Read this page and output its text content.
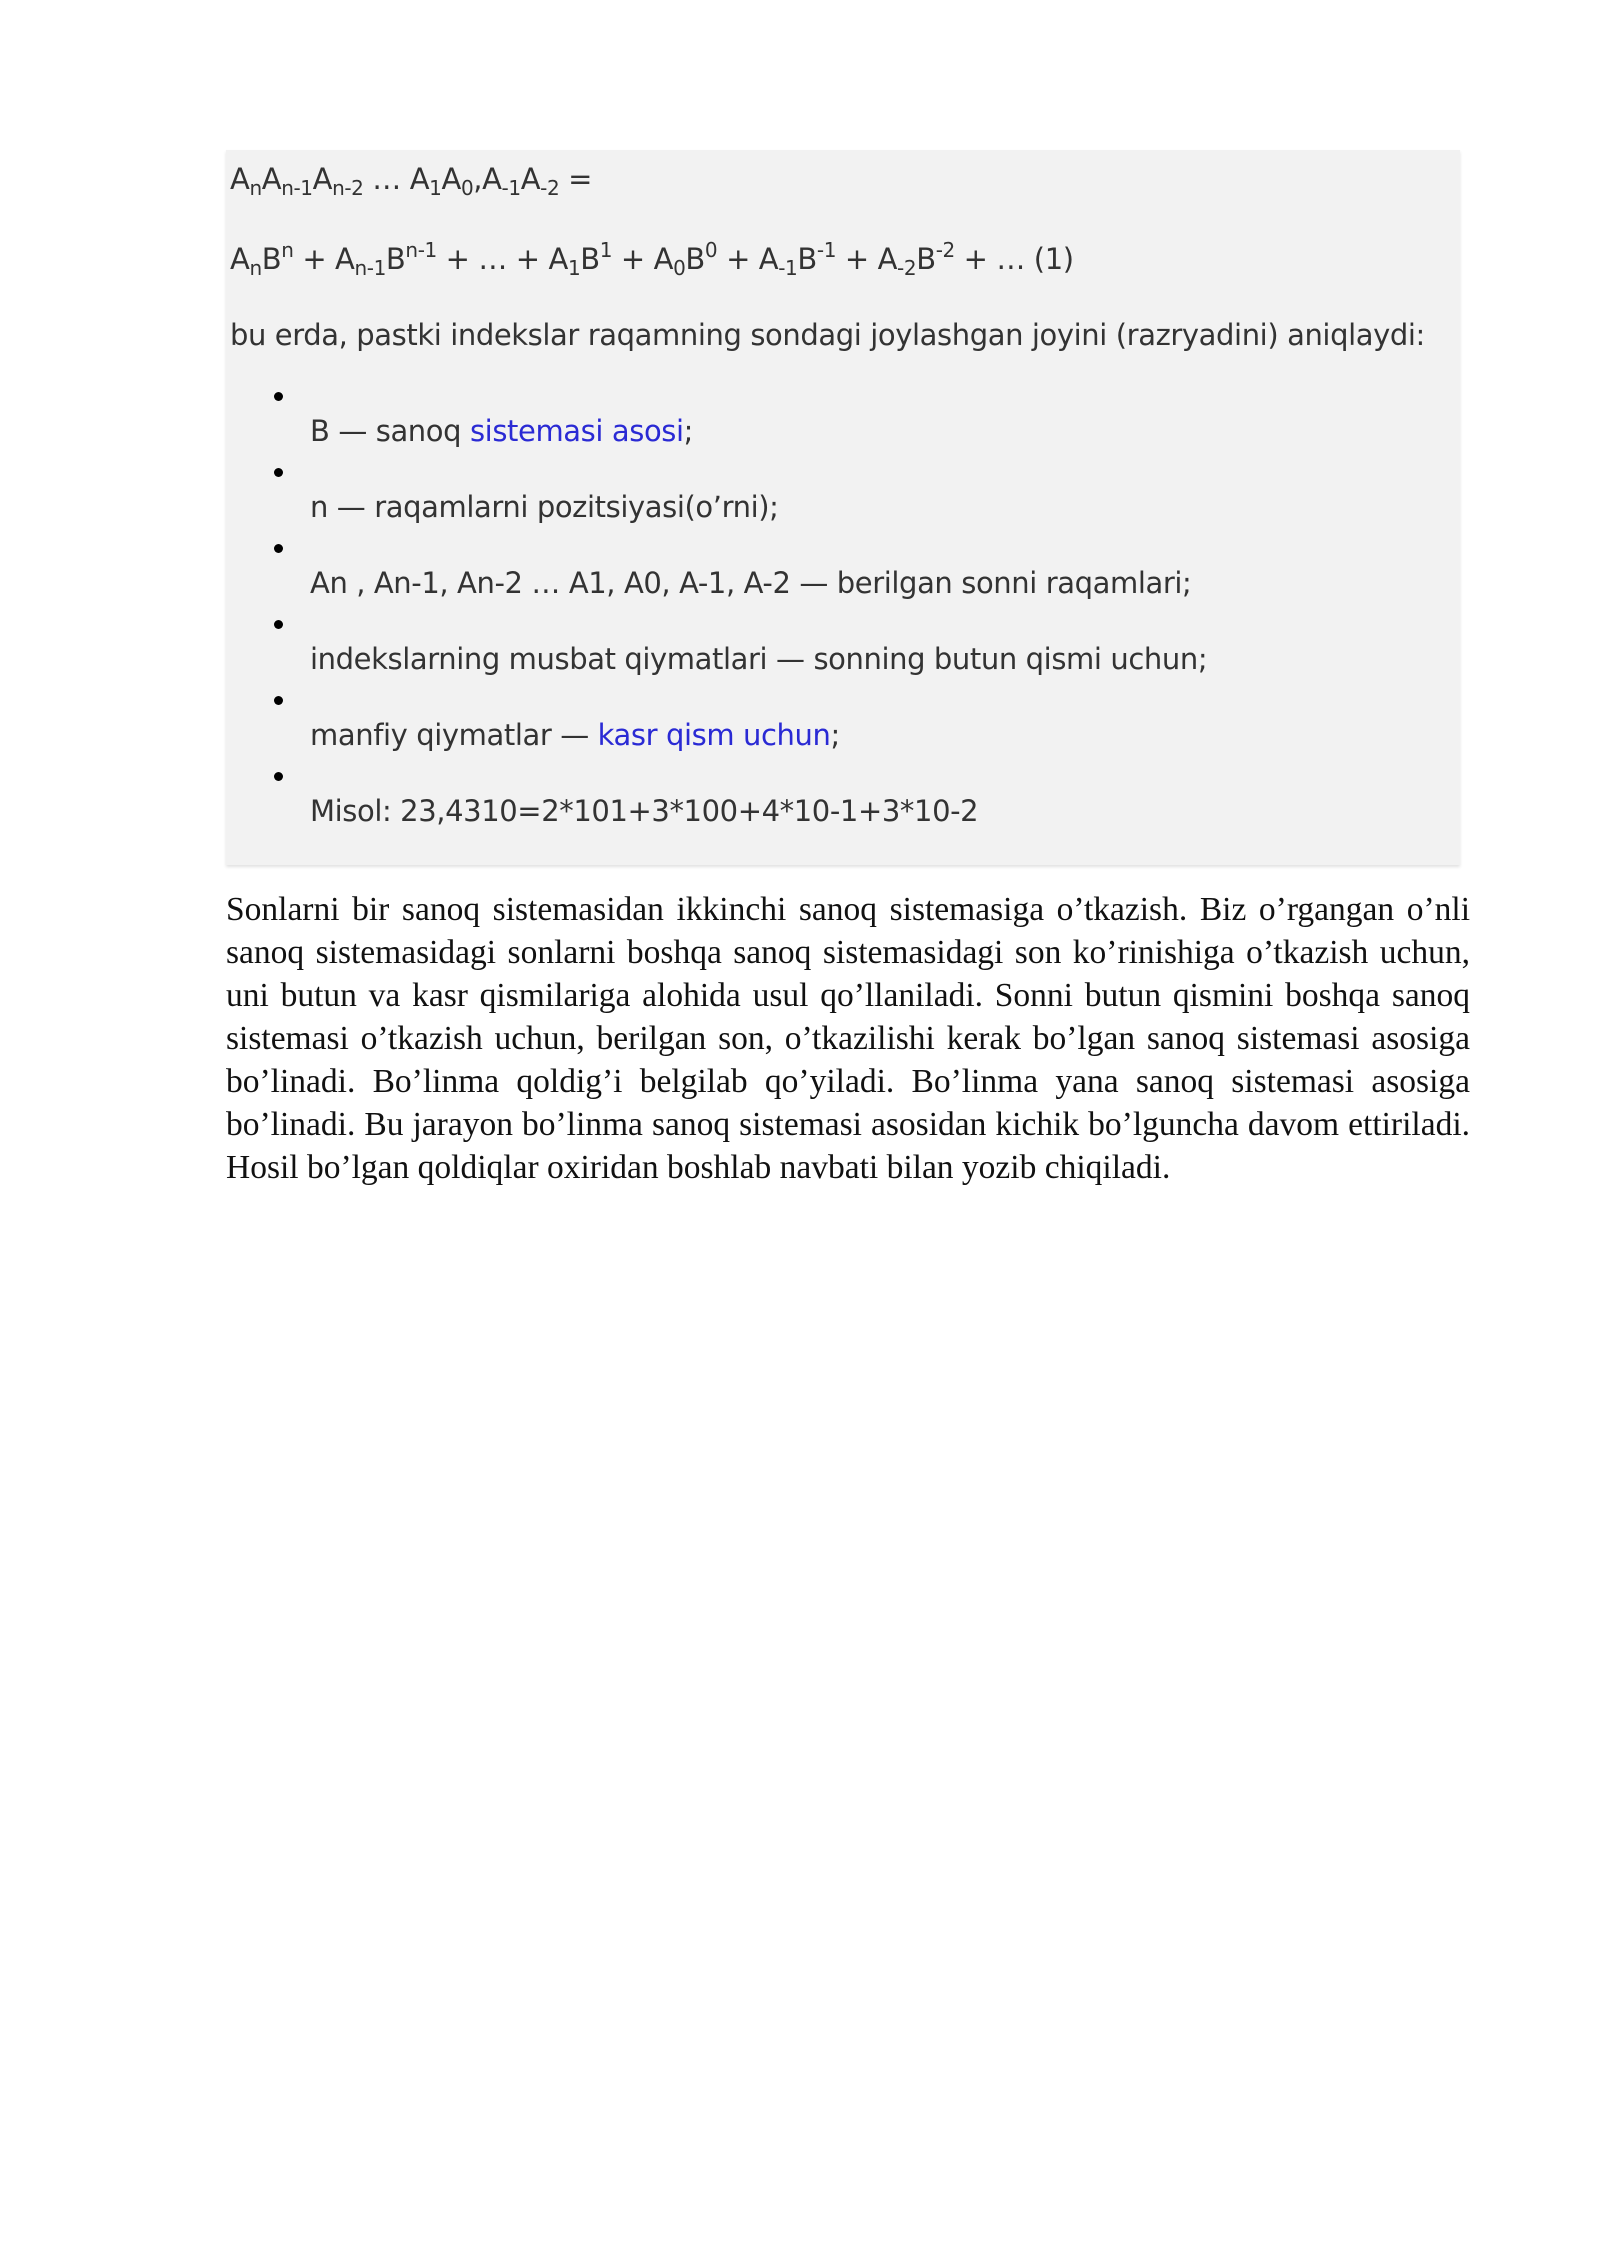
$A_nA_{n-1}A_{n-2}$ … $A_1A_0,A_{-1}A_{-2}$ =
$A_nB^n + A_{n-1}B^{n-1}$ + … + $A_1B^1 + A_0B^0 + A_{-1}B^{-1} + A_{-2}B^{-2}$ + … (1)
bu erda, pastki indekslar raqamning sondagi joylashgan joyini (razryadini) aniqlaydi:
B — sanoq sistemasi asosi;
n — raqamlarni pozitsiyasi(o’rni);
An , An-1, An-2 … A1, A0, A-1, A-2 — berilgan sonni raqamlari;
indekslarning musbat qiymatlari — sonning butun qismi uchun;
manfiy qiymatlar — kasr qism uchun;
Misol: 23,4310=2*101+3*100+4*10-1+3*10-2
Sonlarni bir sanoq sistemasidan ikkinchi sanoq sistemasiga o’tkazish. Biz o’rgangan o’nli sanoq sistemasidagi sonlarni boshqa sanoq sistemasidagi son ko’rinishiga o’tkazish uchun, uni butun va kasr qismilariga alohida usul qo’llaniladi. Sonni butun qismini boshqa sanoq sistemasi o’tkazish uchun, berilgan son, o’tkazilishi kerak bo’lgan sanoq sistemasi asosiga bo’linadi. Bo’linma qoldig’i belgilab qo’yiladi. Bo’linma yana sanoq sistemasi asosiga bo’linadi. Bu jarayon bo’linma sanoq sistemasi asosidan kichik bo’lguncha davom ettiriladi. Hosil bo’lgan qoldiqlar oxiridan boshlab navbati bilan yozib chiqiladi.
